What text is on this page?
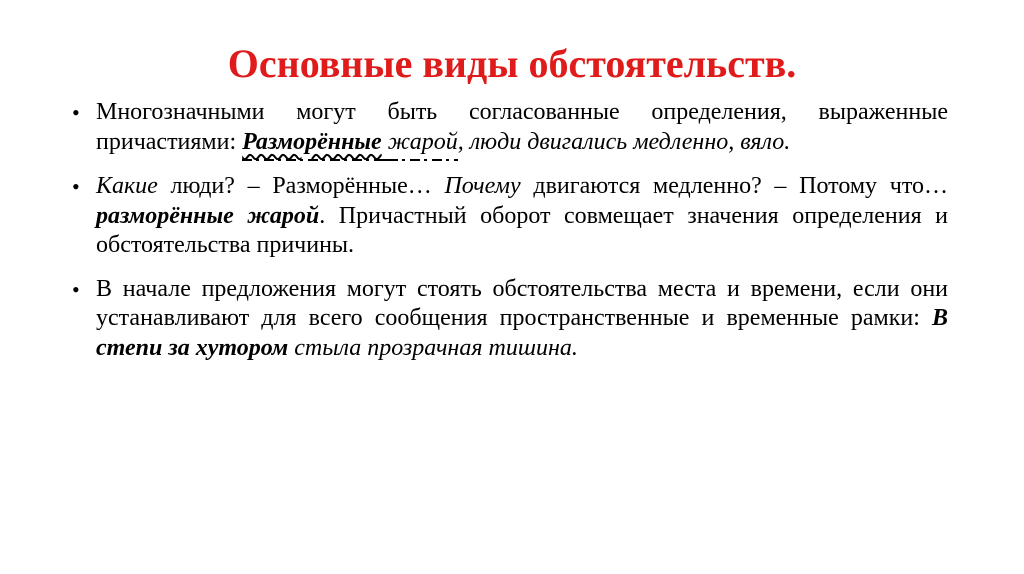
Основные виды обстоятельств.
• Многозначными могут быть согласованные определения, выраженные причастиями: Разморённые жарой, люди двигались медленно, вяло.
• Какие люди? – Разморённые… Почему двигаются медленно? – Потому что… разморённые жарой. Причастный оборот совмещает значения определения и обстоятельства причины.
• В начале предложения могут стоять обстоятельства места и времени, если они устанавливают для всего сообщения пространственные и временные рамки: В степи за хутором стыла прозрачная тишина.
